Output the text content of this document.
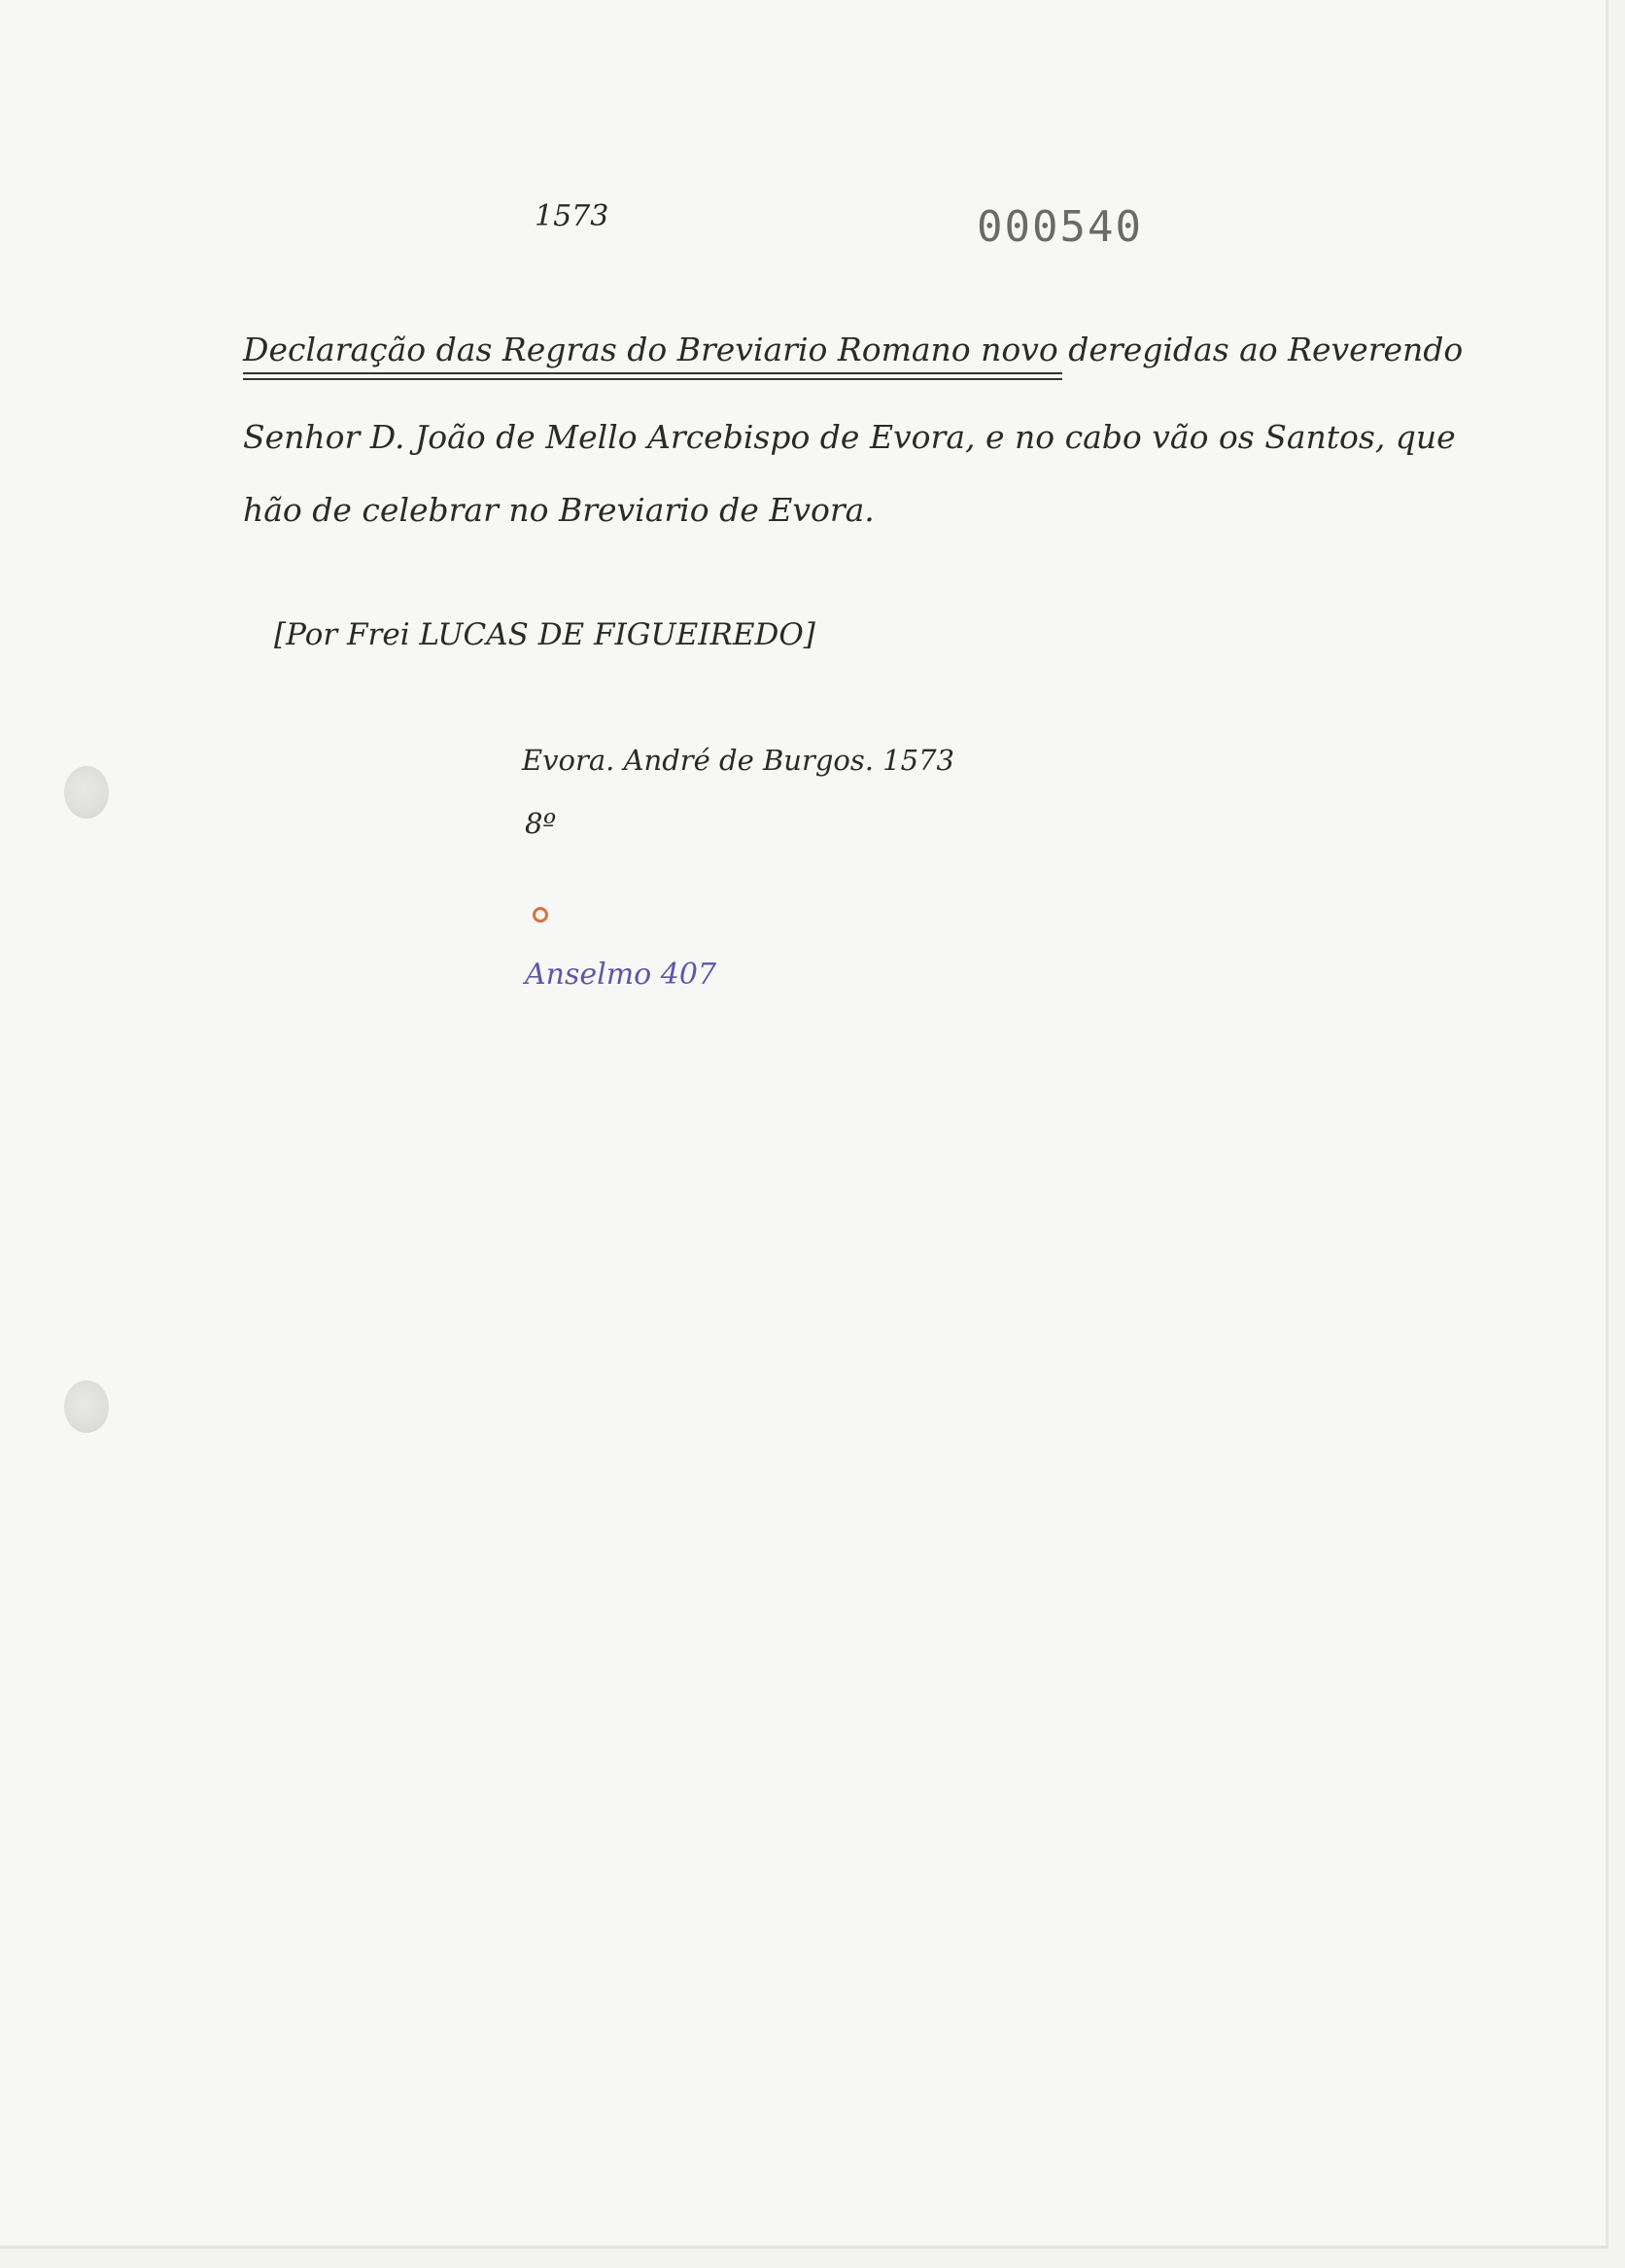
1573	000540
Declaração das Regras do Breviario Romano novo deregidas ao Reverendo
Senhor D. João de Mello Arcebispo de Evora, e no cabo vão os Santos, que
hão de celebrar no Breviario de Evora.
[Por Frei LUCAS DE FIGUEIREDO]
Evora. André de Burgos. 1573
8º
Anselmo 407
